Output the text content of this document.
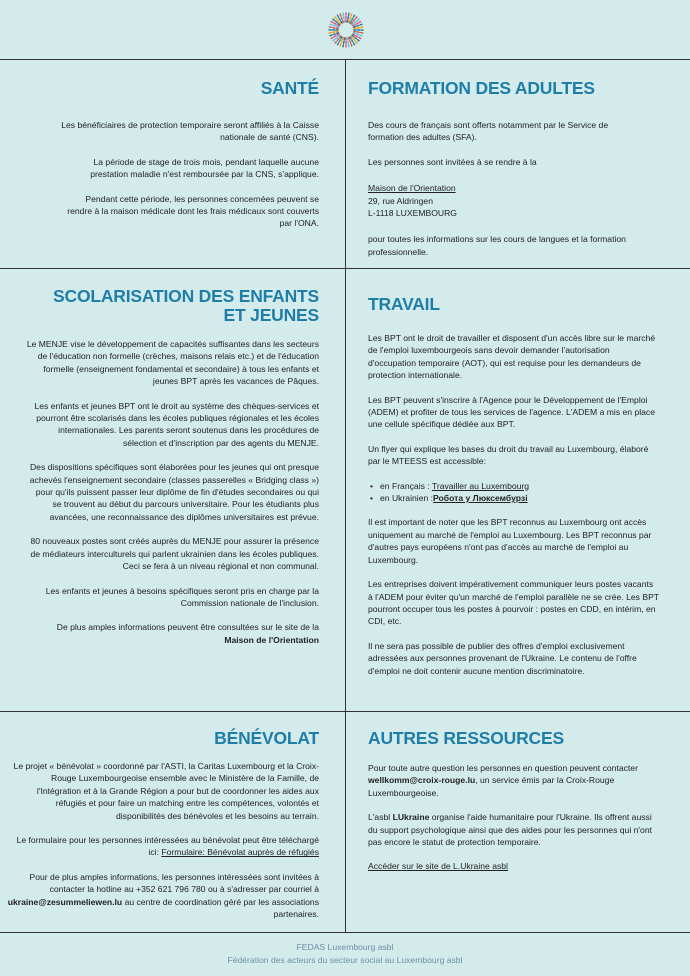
SANTÉ
Les bénéficiaires de protection temporaire seront affiliés à la Caisse nationale de santé (CNS).
La période de stage de trois mois, pendant laquelle aucune prestation maladie n'est remboursée par la CNS, s'applique.
Pendant cette période, les personnes concernées peuvent se rendre à la maison médicale dont les frais médicaux sont couverts par l'ONA.
FORMATION DES ADULTES
Des cours de français sont offerts notamment par le Service de formation des adultes (SFA).
Les personnes sont invitées à se rendre à la
Maison de l'Orientation
29, rue Aldringen
L-1118 LUXEMBOURG
pour toutes les informations sur les cours de langues et la formation professionnelle.
SCOLARISATION DES ENFANTS ET JEUNES
Le MENJE vise le développement de capacités suffisantes dans les secteurs de l'éducation non formelle (crèches, maisons relais etc.) et de l'éducation formelle (enseignement fondamental et secondaire) à tous les enfants et jeunes BPT après les vacances de Pâques.
Les enfants et jeunes BPT ont le droit au système des chèques-services et pourront être scolarisés dans les écoles publiques régionales et les écoles internationales. Les parents seront soutenus dans les procédures de sélection et d'inscription par des agents du MENJE.
Des dispositions spécifiques sont élaborées pour les jeunes qui ont presque achevés l'enseignement secondaire (classes passerelles « Bridging class ») pour qu'ils puissent passer leur diplôme de fin d'études secondaires ou qui se trouvent au début du parcours universitaire. Pour les étudiants plus avancées, une reconnaissance des diplômes universitaires est prévue.
80 nouveaux postes sont créés auprès du MENJE pour assurer la présence de médiateurs interculturels qui parlent ukrainien dans les écoles publiques. Ceci se fera à un niveau régional et non communal.
Les enfants et jeunes à besoins spécifiques seront pris en charge par la Commission nationale de l'inclusion.
De plus amples informations peuvent être consultées sur le site de la Maison de l'Orientation
TRAVAIL
Les BPT ont le droit de travailler et disposent d'un accès libre sur le marché de l'emploi luxembourgeois sans devoir demander l'autorisation d'occupation temporaire (AOT), qui est requise pour les demandeurs de protection internationale.
Les BPT peuvent s'inscrire à l'Agence pour le Développement de l'Emploi (ADEM) et profiter de tous les services de l'agence. L'ADEM a mis en place une cellule spécifique dédiée aux BPT.
Un flyer qui explique les bases du droit du travail au Luxembourg, élaboré par le MTEESS est accessible:
• en Français : Travailler au Luxembourg
• en Ukrainien :Робота у Люксембурзі
Il est important de noter que les BPT reconnus au Luxembourg ont accès uniquement au marché de l'emploi au Luxembourg. Les BPT reconnus par d'autres pays européens n'ont pas d'accès au marché de l'emploi au Luxembourg.
Les entreprises doivent impérativement communiquer leurs postes vacants à l'ADEM pour éviter qu'un marché de l'emploi parallèle ne se crée. Les BPT pourront occuper tous les postes à pourvoir : postes en CDD, en intérim, en CDI, etc.
Il ne sera pas possible de publier des offres d'emploi exclusivement adressées aux personnes provenant de l'Ukraine. Le contenu de l'offre d'emploi ne doit contenir aucune mention discriminatoire.
BÉNÉVOLAT
Le projet « bénévolat » coordonné par l'ASTI, la Caritas Luxembourg et la Croix-Rouge Luxembourgeoise ensemble avec le Ministère de la Famille, de l'Intégration et à la Grande Région a pour but de coordonner les aides aux réfugiés et pour faire un matching entre les compétences, volontés et disponibilités des bénévoles et les besoins au terrain.
Le formulaire pour les personnes intéressées au bénévolat peut être téléchargé ici: Formulaire: Bénévolat auprès de réfugiés
Pour de plus amples informations, les personnes intéressées sont invitées à contacter la hotline au +352 621 796 780 ou à s'adresser par courriel à ukraine@zesummeliewen.lu au centre de coordination géré par les associations partenaires.
AUTRES RESSOURCES
Pour toute autre question les personnes en question peuvent contacter wellkomm@croix-rouge.lu, un service émis par la Croix-Rouge Luxembourgeoise.
L'asbl LUkraine organise l'aide humanitaire pour l'Ukraine. Ils offrent aussi du support psychologique ainsi que des aides pour les personnes qui n'ont pas encore le statut de protection temporaire.
Accéder sur le site de L.Ukraine asbl
FEDAS Luxembourg asbl
Fédération des acteurs du secteur social au Luxembourg asbl
